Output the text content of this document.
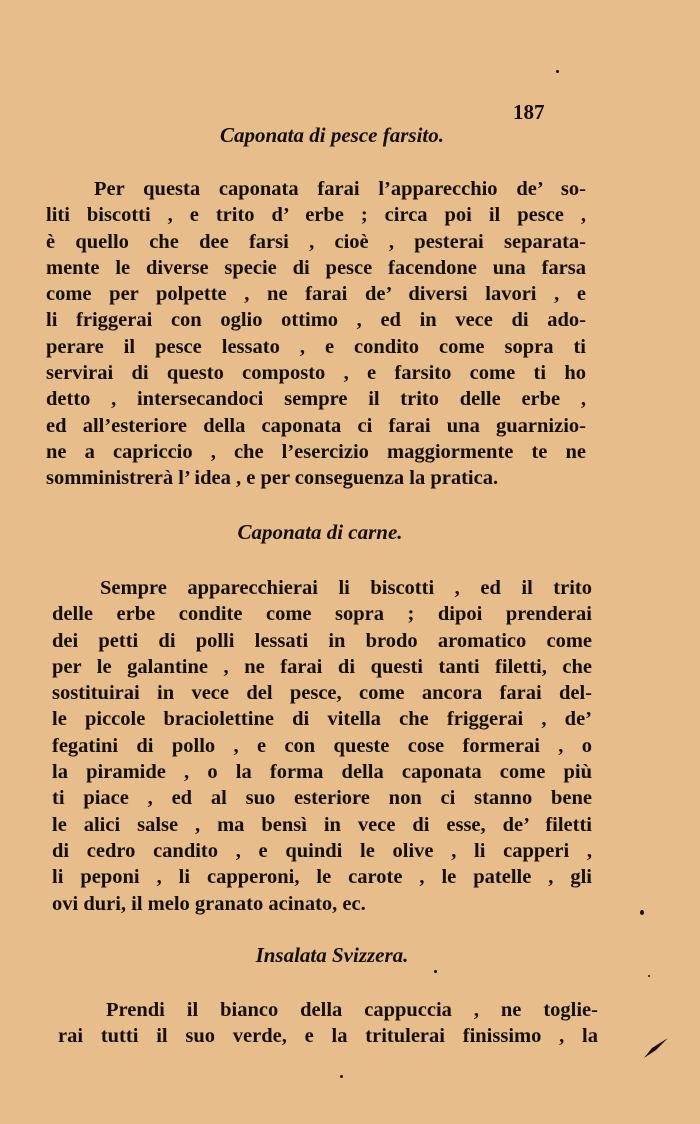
187
Caponata di pesce farsito.
Per questa caponata farai l’apparecchio de’ so-
liti biscotti , e trito d’ erbe ; circa poi il pesce ,
è quello che dee farsi , cioè , pesterai separata-
mente le diverse specie di pesce facendone una farsa
come per polpette , ne farai de’ diversi lavori , e
li friggerai con oglio ottimo , ed in vece di ado-
perare il pesce lessato , e condito come sopra ti
servirai di questo composto , e farsito come ti ho
detto , intersecandoci sempre il trito delle erbe ,
ed all’esteriore della caponata ci farai una guarnizio-
ne a capriccio , che l’esercizio maggiormente te ne
somministrerà l’ idea , e per conseguenza la pratica.
Caponata di carne.
Sempre apparecchierai li biscotti , ed il trito
delle erbe condite come sopra ; dipoi prenderai
dei petti di polli lessati in brodo aromatico come
per le galantine , ne farai di questi tanti filetti, che
sostituirai in vece del pesce, come ancora farai del-
le piccole braciolettine di vitella che friggerai , de’
fegatini di pollo , e con queste cose formerai , o
la piramide , o la forma della caponata come più
ti piace , ed al suo esteriore non ci stanno bene
le alici salse , ma bensì in vece di esse, de’ filetti
di cedro candito , e quindi le olive , li capperi ,
li peponi , li capperoni, le carote , le patelle , gli
ovi duri, il melo granato acinato, ec.
Insalata Svizzera.
Prendi il bianco della cappuccia , ne toglie-
rai tutti il suo verde, e la tritulerai finissimo , la
